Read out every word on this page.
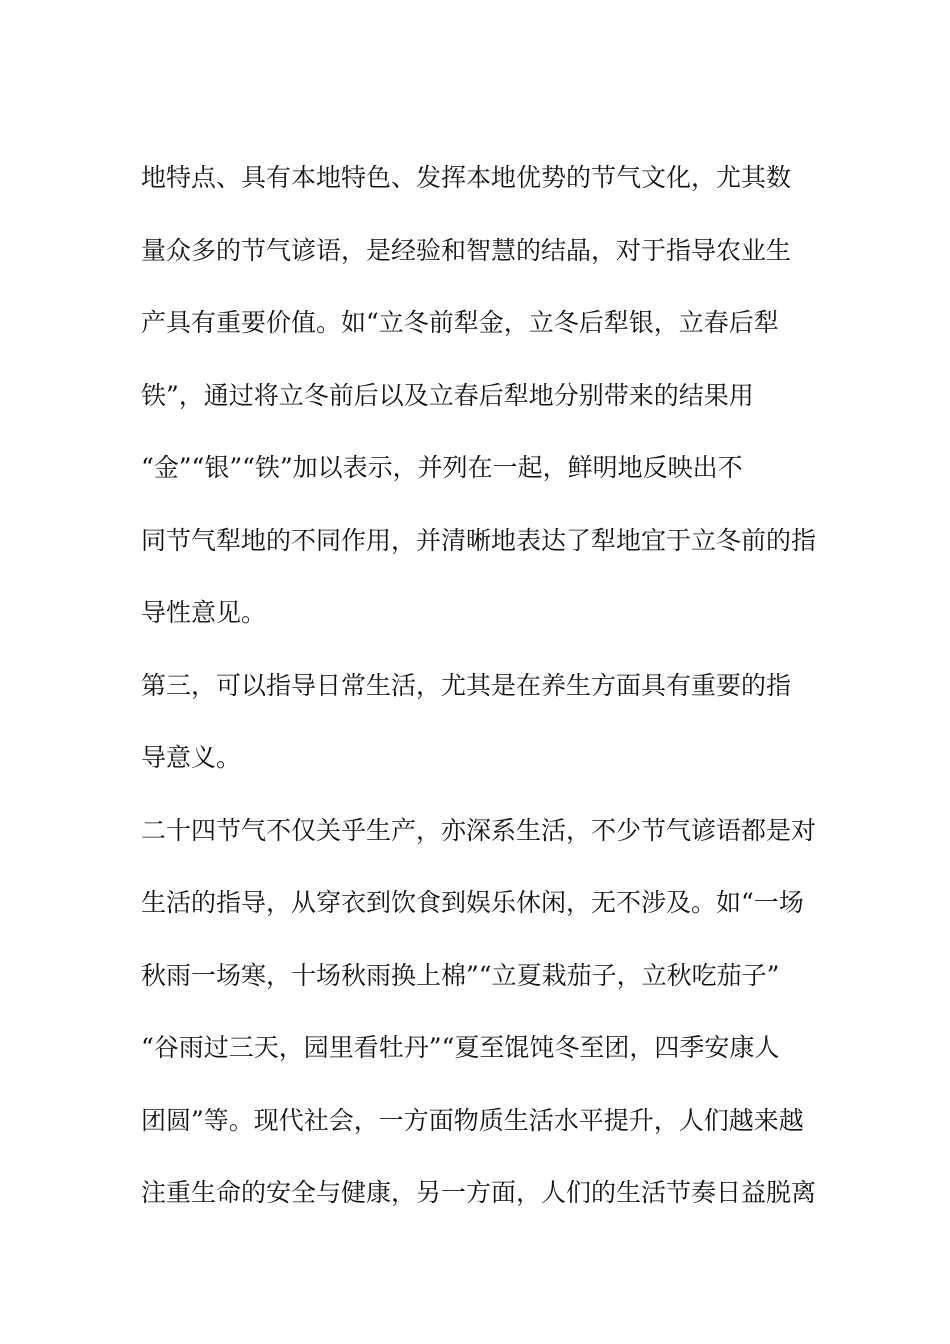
地特点、具有本地特色、发挥本地优势的节气文化，尤其数
量众多的节气谚语，是经验和智慧的结晶，对于指导农业生
产具有重要价值。如“立冬前犁金，立冬后犁银，立春后犁
铁”，通过将立冬前后以及立春后犁地分别带来的结果用
“金”“银”“铁”加以表示，并列在一起，鲜明地反映出不
同节气犁地的不同作用，并清晰地表达了犁地宜于立冬前的指
导性意见。
第三，可以指导日常生活，尤其是在养生方面具有重要的指
导意义。
二十四节气不仅关乎生产，亦深系生活，不少节气谚语都是对
生活的指导，从穿衣到饮食到娱乐休闲，无不涉及。如“一场
秋雨一场寒，十场秋雨换上棉”“立夏栽茄子，立秋吃茄子”
“谷雨过三天，园里看牡丹”“夏至馄饨冬至团，四季安康人
团圆”等。现代社会，一方面物质生活水平提升，人们越来越
注重生命的安全与健康，另一方面，人们的生活节奏日益脱离
